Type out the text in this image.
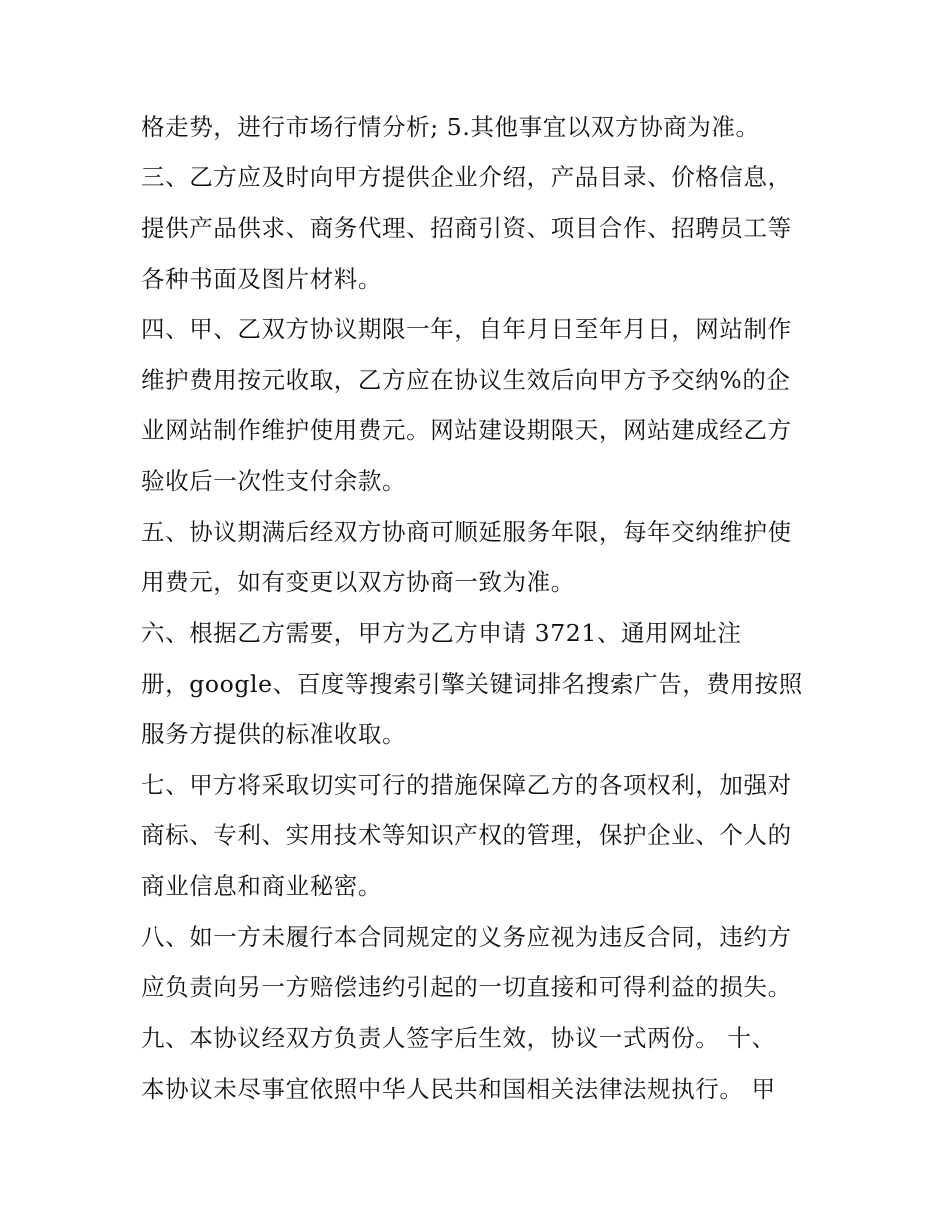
格走势，进行市场行情分析; 5.其他事宜以双方协商为准。
三、乙方应及时向甲方提供企业介绍，产品目录、价格信息，
提供产品供求、商务代理、招商引资、项目合作、招聘员工等
各种书面及图片材料。
四、甲、乙双方协议期限一年，自年月日至年月日，网站制作
维护费用按元收取，乙方应在协议生效后向甲方予交纳%的企
业网站制作维护使用费元。网站建设期限天，网站建成经乙方
验收后一次性支付余款。
五、协议期满后经双方协商可顺延服务年限，每年交纳维护使
用费元，如有变更以双方协商一致为准。
六、根据乙方需要，甲方为乙方申请 3721、通用网址注
册，google、百度等搜索引擎关键词排名搜索广告，费用按照
服务方提供的标准收取。
七、甲方将采取切实可行的措施保障乙方的各项权利，加强对
商标、专利、实用技术等知识产权的管理，保护企业、个人的
商业信息和商业秘密。
八、如一方未履行本合同规定的义务应视为违反合同，违约方
应负责向另一方赔偿违约引起的一切直接和可得利益的损失。
九、本协议经双方负责人签字后生效，协议一式两份。 十、
本协议未尽事宜依照中华人民共和国相关法律法规执行。 甲
